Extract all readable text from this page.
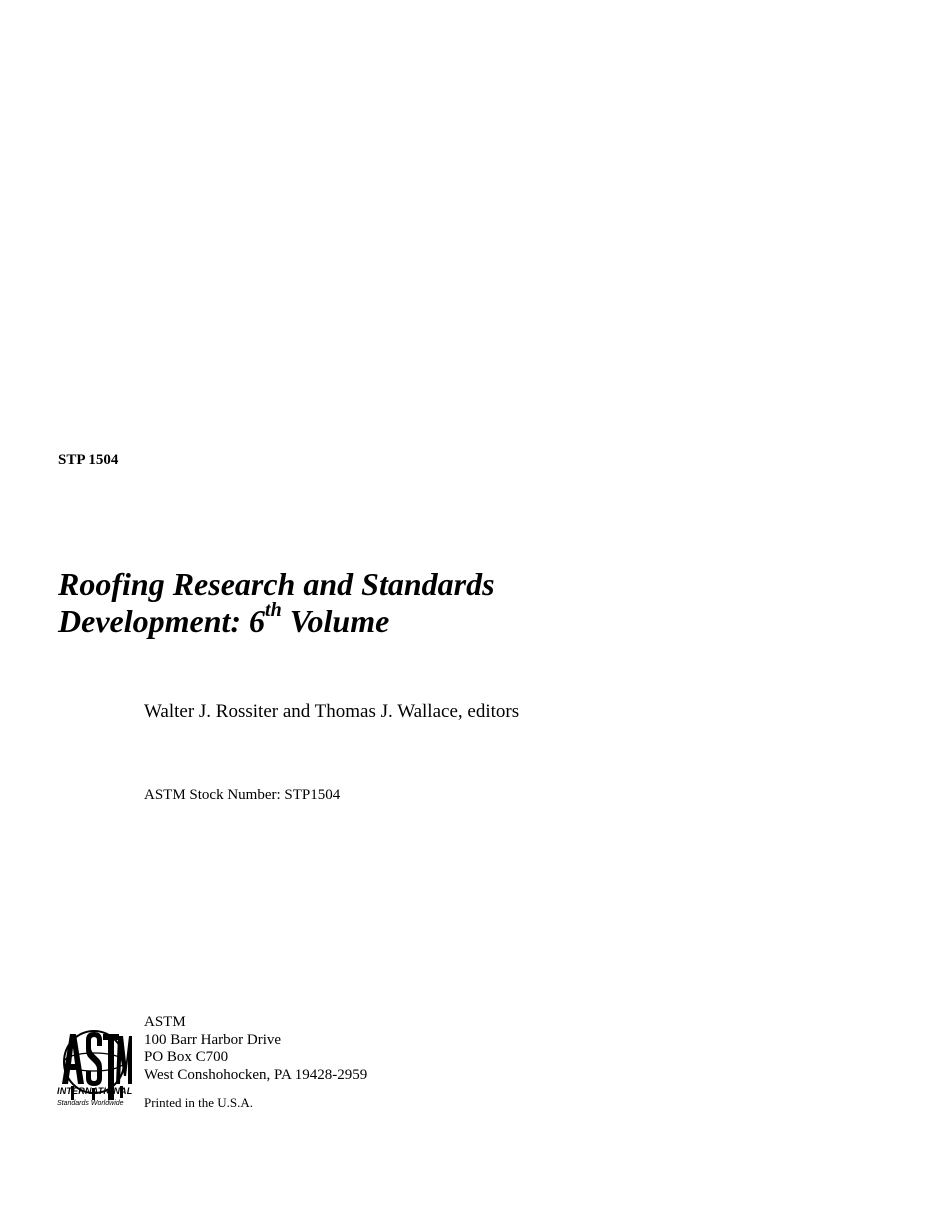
STP 1504
Roofing Research and Standards
Development: 6th Volume
Walter J. Rossiter and Thomas J. Wallace, editors
ASTM Stock Number: STP1504
ASTM
100 Barr Harbor Drive
PO Box C700
West Conshohocken, PA 19428-2959
Printed in the U.S.A.
INTERNATIONAL
Standards Worldwide
